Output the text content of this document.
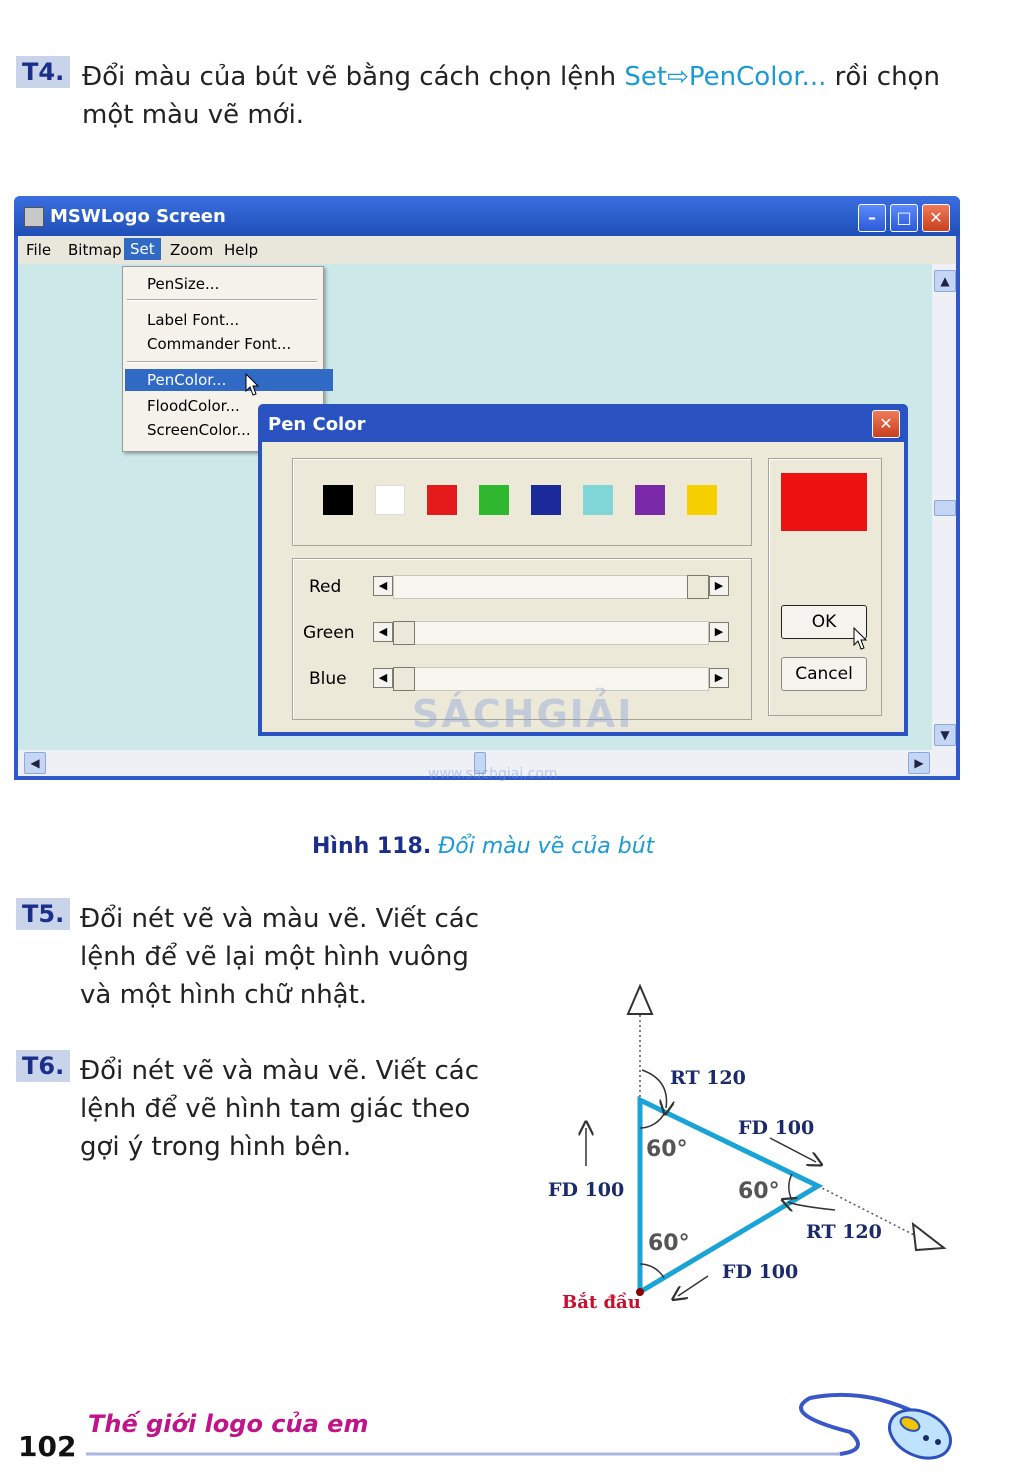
T4. Đổi màu của bút vẽ bằng cách chọn lệnh Set⇨PenColor... rồi chọn
một màu vẽ mới.
MSWLogo Screen	–	□	✕
File Bitmap Set	Zoom Help
▲
▼
◀	▶
PenSize...
Label Font...
Commander Font...
PenColor...
FloodColor...
ScreenColor... Pen Color	✕
Red
Green
Blue
◀	▶
◀	▶
◀	▶
OK
Cancel
SÁCHGIẢI
www.sachgiai.com
Hình 118. Đổi màu vẽ của bút
T5. Đổi nét vẽ và màu vẽ. Viết các
lệnh để vẽ lại một hình vuông
và một hình chữ nhật.
T6. Đổi nét vẽ và màu vẽ. Viết các
lệnh để vẽ hình tam giác theo
gợi ý trong hình bên.
RT 120
FD 100
FD 100
60°
60°
RT 120
60°
FD 100
Bắt đầu
Thế giới logo của em
102
